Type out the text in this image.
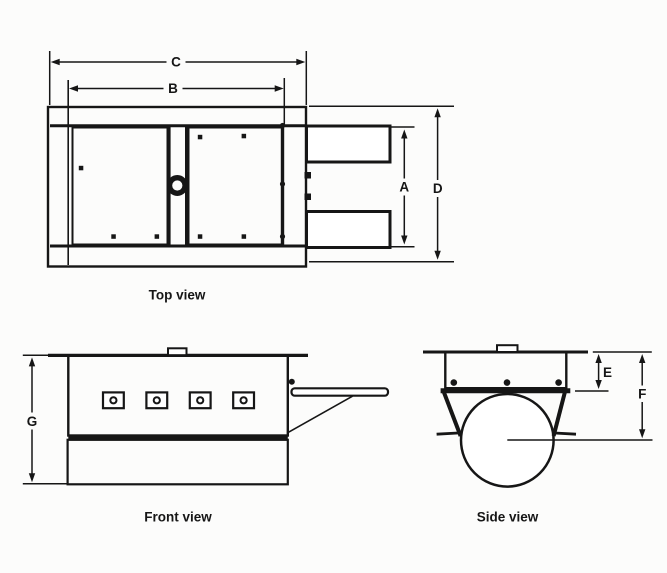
C
B
A D
Top view
G
Front view
E
F
Side view
